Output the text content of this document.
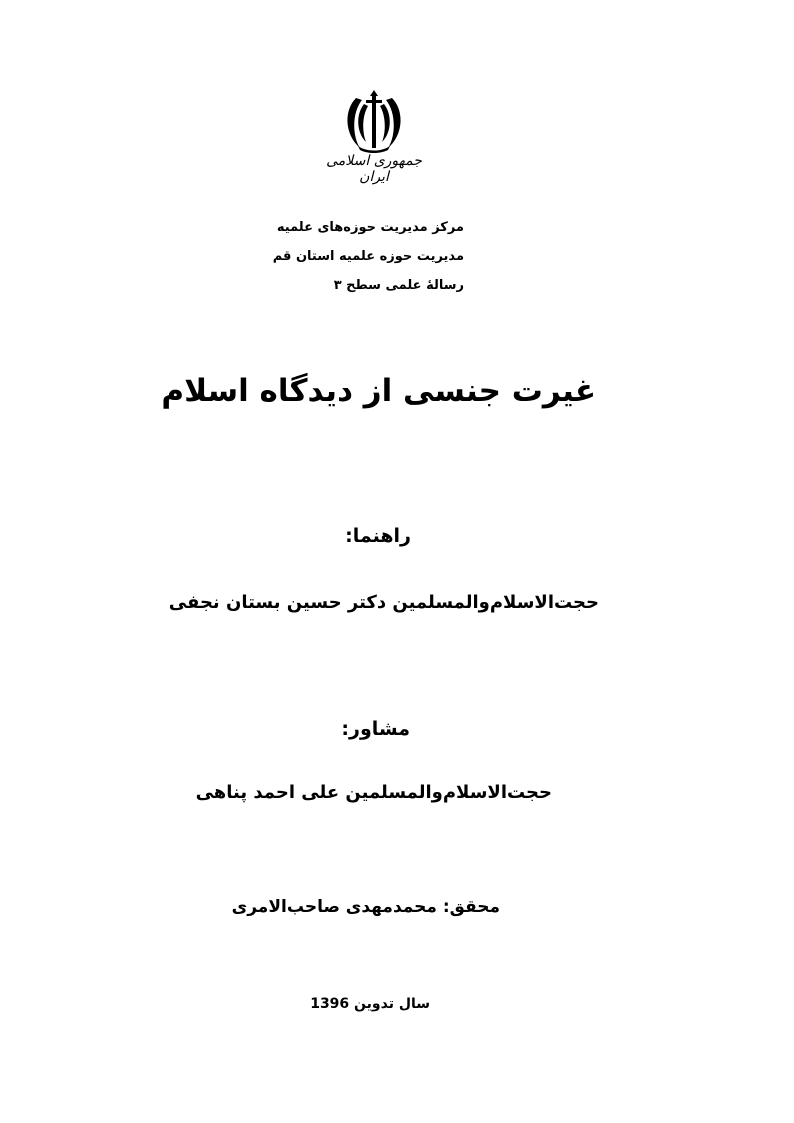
جمهوری اسلامی ایران
مرکز مدیریت حوزه‌های علمیه
مدیریت حوزه علمیه استان قم
رسالۀ علمی سطح ۳
غیرت جنسی از دیدگاه اسلام
راهنما:
حجت‌الاسلام‌والمسلمین دکتر حسین بستان نجفی
مشاور:
حجت‌الاسلام‌والمسلمین علی احمد پناهی
محقق: محمدمهدی صاحب‌الامری
سال تدوین 1396
